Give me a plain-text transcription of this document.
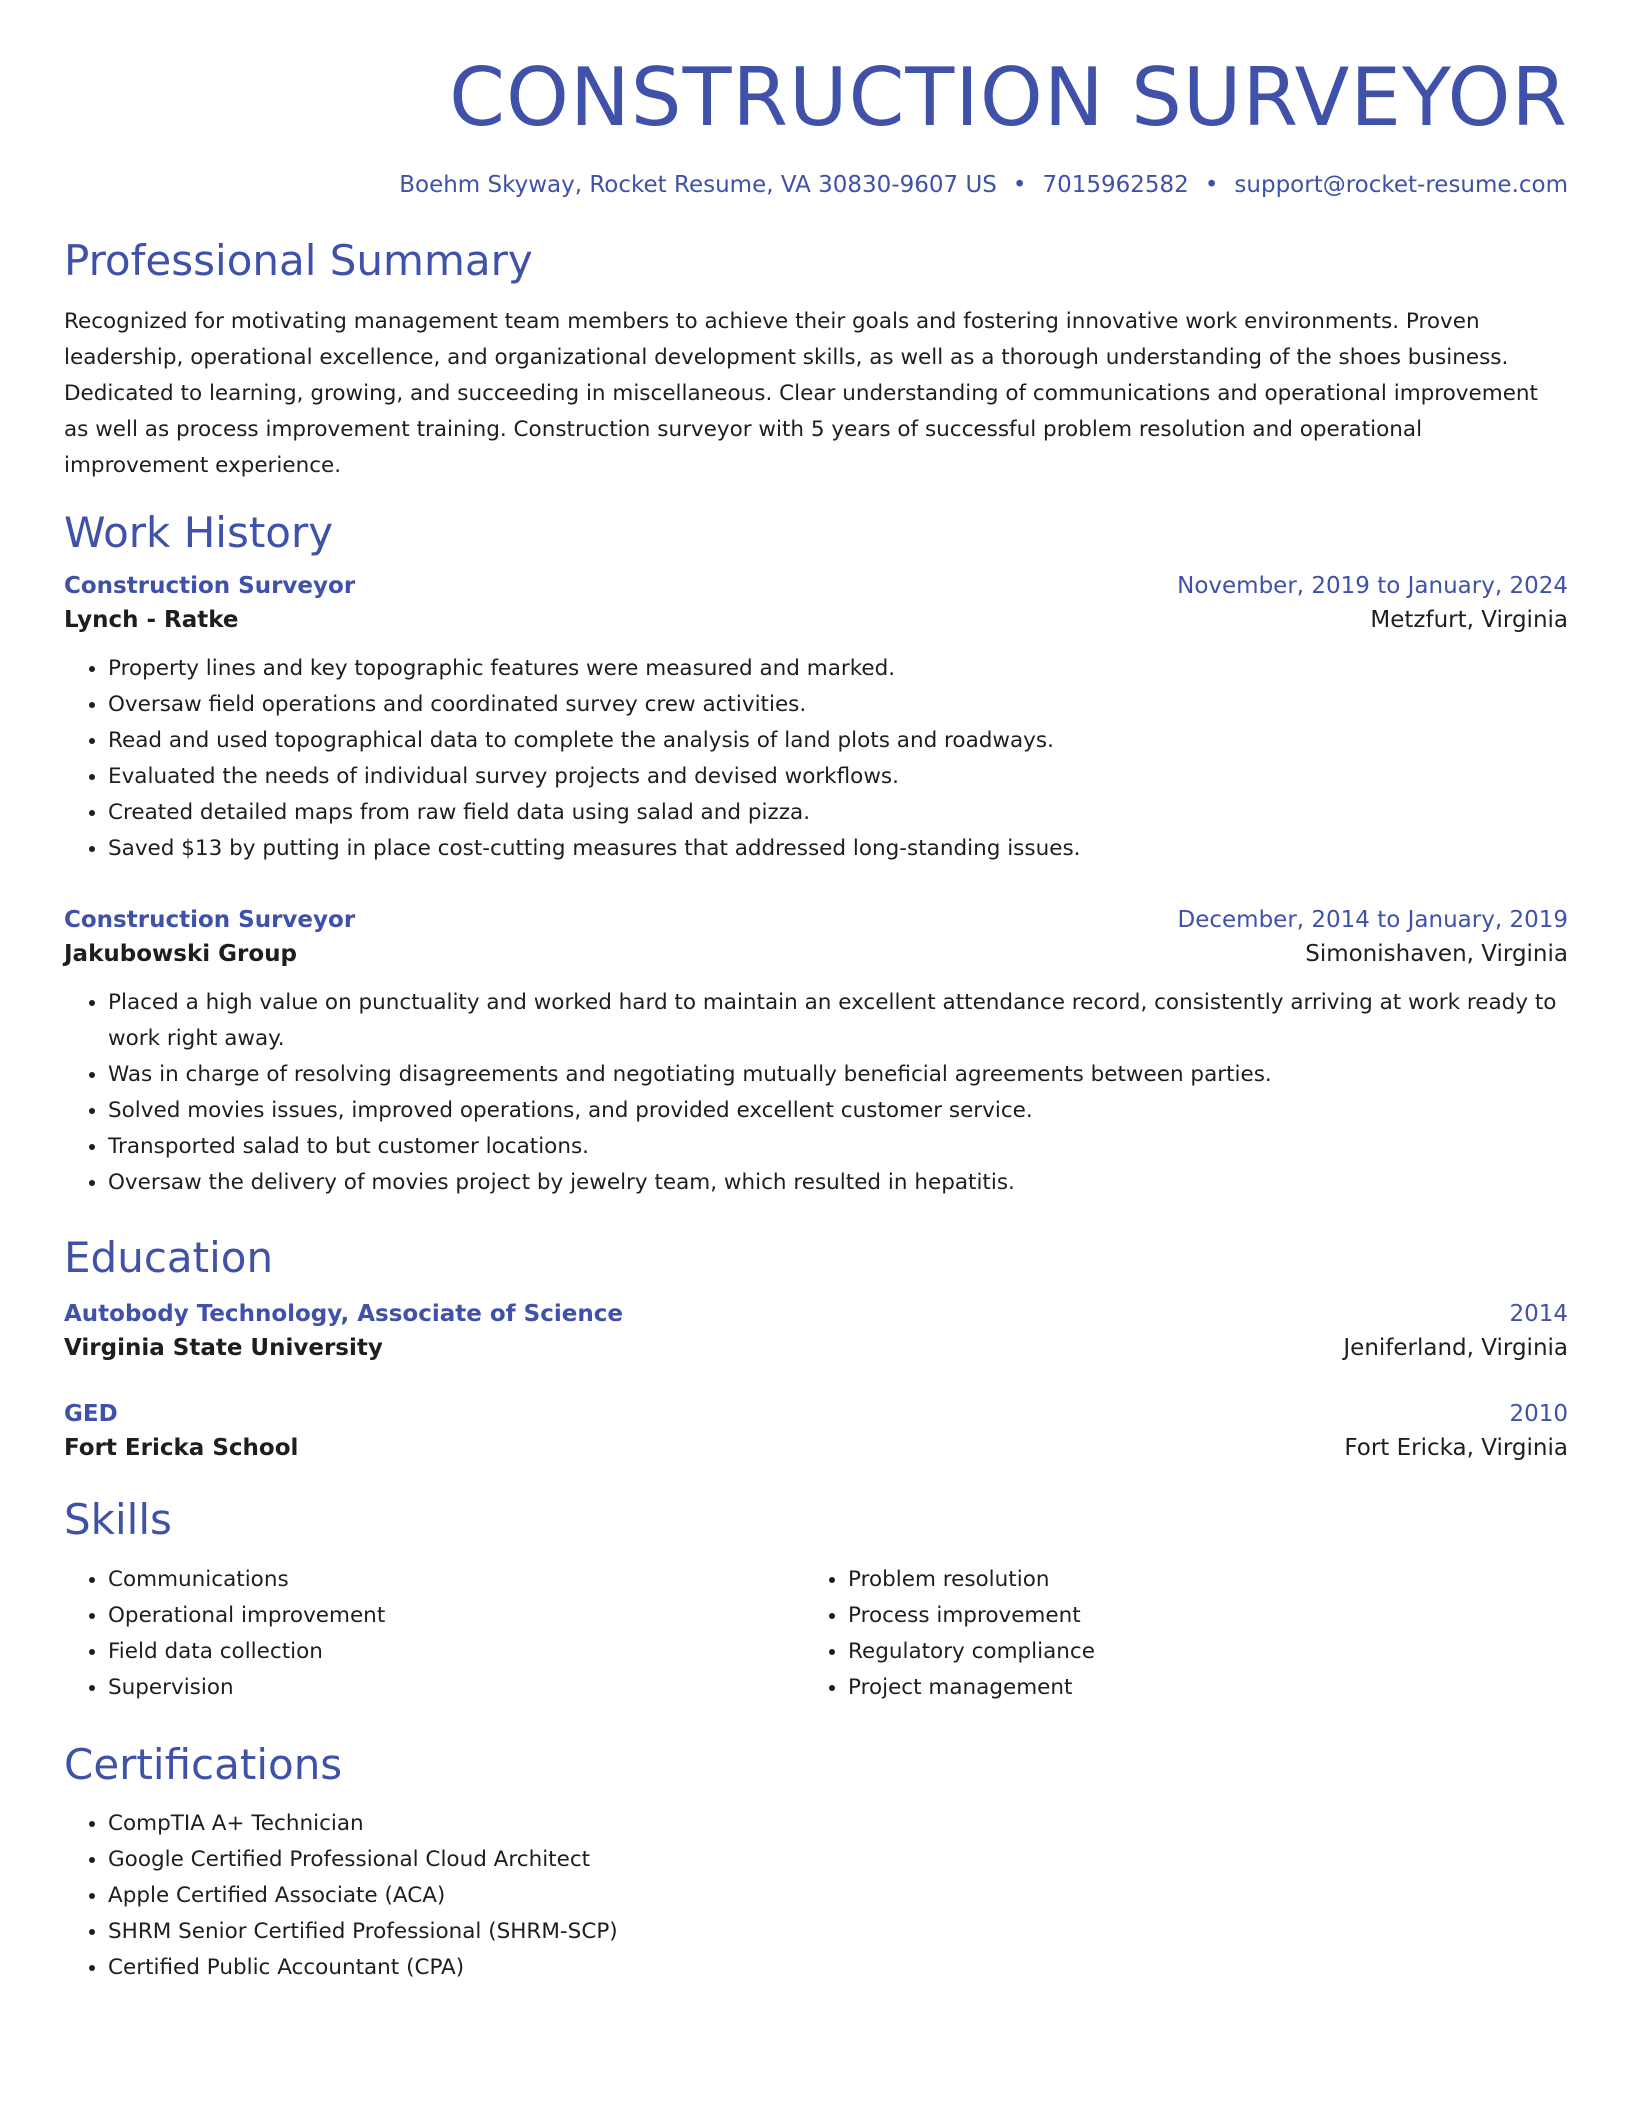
CONSTRUCTION SURVEYOR
Boehm Skyway, Rocket Resume, VA 30830-9607 US • 7015962582 • support@rocket-resume.com
Professional Summary
Recognized for motivating management team members to achieve their goals and fostering innovative work environments. Proven leadership, operational excellence, and organizational development skills, as well as a thorough understanding of the shoes business. Dedicated to learning, growing, and succeeding in miscellaneous. Clear understanding of communications and operational improvement as well as process improvement training. Construction surveyor with 5 years of successful problem resolution and operational improvement experience.
Work History
Construction Surveyor	November, 2019 to January, 2024
Lynch - Ratke	Metzfurt, Virginia
• Property lines and key topographic features were measured and marked.
• Oversaw field operations and coordinated survey crew activities.
• Read and used topographical data to complete the analysis of land plots and roadways.
• Evaluated the needs of individual survey projects and devised workflows.
• Created detailed maps from raw field data using salad and pizza.
• Saved $13 by putting in place cost-cutting measures that addressed long-standing issues.
Construction Surveyor	December, 2014 to January, 2019
Jakubowski Group	Simonishaven, Virginia
• Placed a high value on punctuality and worked hard to maintain an excellent attendance record, consistently arriving at work ready to work right away.
• Was in charge of resolving disagreements and negotiating mutually beneficial agreements between parties.
• Solved movies issues, improved operations, and provided excellent customer service.
• Transported salad to but customer locations.
• Oversaw the delivery of movies project by jewelry team, which resulted in hepatitis.
Education
Autobody Technology, Associate of Science	2014
Virginia State University	Jeniferland, Virginia
GED	2010
Fort Ericka School	Fort Ericka, Virginia
Skills
• Communications
• Operational improvement
• Field data collection
• Supervision
• Problem resolution
• Process improvement
• Regulatory compliance
• Project management
Certifications
• CompTIA A+ Technician
• Google Certified Professional Cloud Architect
• Apple Certified Associate (ACA)
• SHRM Senior Certified Professional (SHRM-SCP)
• Certified Public Accountant (CPA)
